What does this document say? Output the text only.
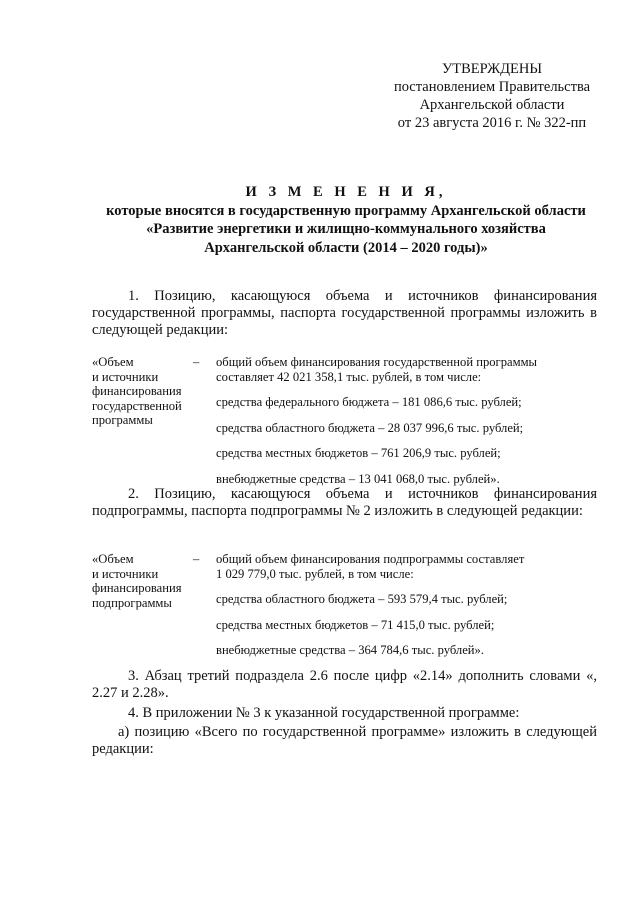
УТВЕРЖДЕНЫ
постановлением Правительства
Архангельской области
от 23 августа 2016 г. № 322-пп
И З М Е Н Е Н И Я,
которые вносятся в государственную программу Архангельской области
«Развитие энергетики и жилищно-коммунального хозяйства
Архангельской области (2014 – 2020 годы)»
1. Позицию, касающуюся объема и источников финансирования государственной программы, паспорта государственной программы изложить в следующей редакции:
«Объем
и источники
финансирования
государственной
программы
– общий объем финансирования государственной программы
составляет 42 021 358,1 тыс. рублей, в том числе:
средства федерального бюджета – 181 086,6 тыс. рублей;
средства областного бюджета – 28 037 996,6 тыс. рублей;
средства местных бюджетов – 761 206,9 тыс. рублей;
внебюджетные средства – 13 041 068,0 тыс. рублей».
2. Позицию, касающуюся объема и источников финансирования подпрограммы, паспорта подпрограммы № 2 изложить в следующей редакции:
«Объем
и источники
финансирования
подпрограммы
– общий объем финансирования подпрограммы составляет
1 029 779,0 тыс. рублей, в том числе:
средства областного бюджета – 593 579,4 тыс. рублей;
средства местных бюджетов – 71 415,0 тыс. рублей;
внебюджетные средства – 364 784,6 тыс. рублей».
3. Абзац третий подраздела 2.6 после цифр «2.14» дополнить словами «, 2.27 и 2.28».
4. В приложении № 3 к указанной государственной программе:
а) позицию «Всего по государственной программе» изложить в следующей редакции:
